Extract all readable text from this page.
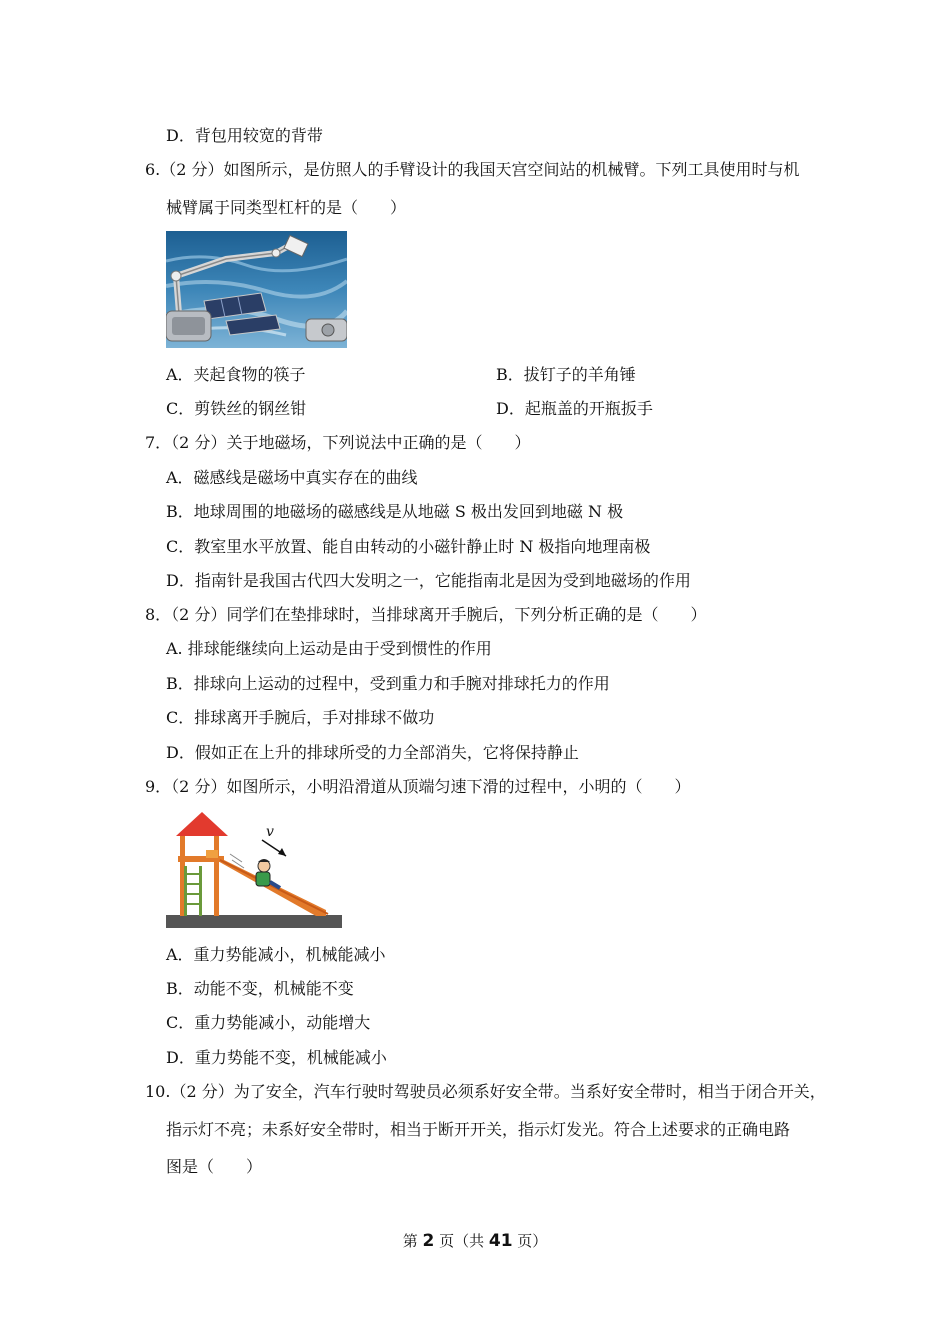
D．背包用较宽的背带
6.（2 分）如图所示，是仿照人的手臂设计的我国天宫空间站的机械臂。下列工具使用时与机
械臂属于同类型杠杆的是（　　）
A．夹起食物的筷子	B．拔钉子的羊角锤
C．剪铁丝的钢丝钳	D．起瓶盖的开瓶扳手
7．（2 分）关于地磁场，下列说法中正确的是（　　）
A．磁感线是磁场中真实存在的曲线
B．地球周围的地磁场的磁感线是从地磁 S 极出发回到地磁 N 极
C．教室里水平放置、能自由转动的小磁针静止时 N 极指向地理南极
D．指南针是我国古代四大发明之一，它能指南北是因为受到地磁场的作用
8．（2 分）同学们在垫排球时，当排球离开手腕后，下列分析正确的是（　　）
A. 排球能继续向上运动是由于受到惯性的作用
B．排球向上运动的过程中，受到重力和手腕对排球托力的作用
C．排球离开手腕后，手对排球不做功
D．假如正在上升的排球所受的力全部消失，它将保持静止
9．（2 分）如图所示，小明沿滑道从顶端匀速下滑的过程中，小明的（　　）
v
A．重力势能减小，机械能减小
B．动能不变，机械能不变
C．重力势能减小，动能增大
D．重力势能不变，机械能减小
10.（2 分）为了安全，汽车行驶时驾驶员必须系好安全带。当系好安全带时，相当于闭合开关，
指示灯不亮；未系好安全带时，相当于断开开关，指示灯发光。符合上述要求的正确电路
图是（　　）
第 2 页（共 41 页）
